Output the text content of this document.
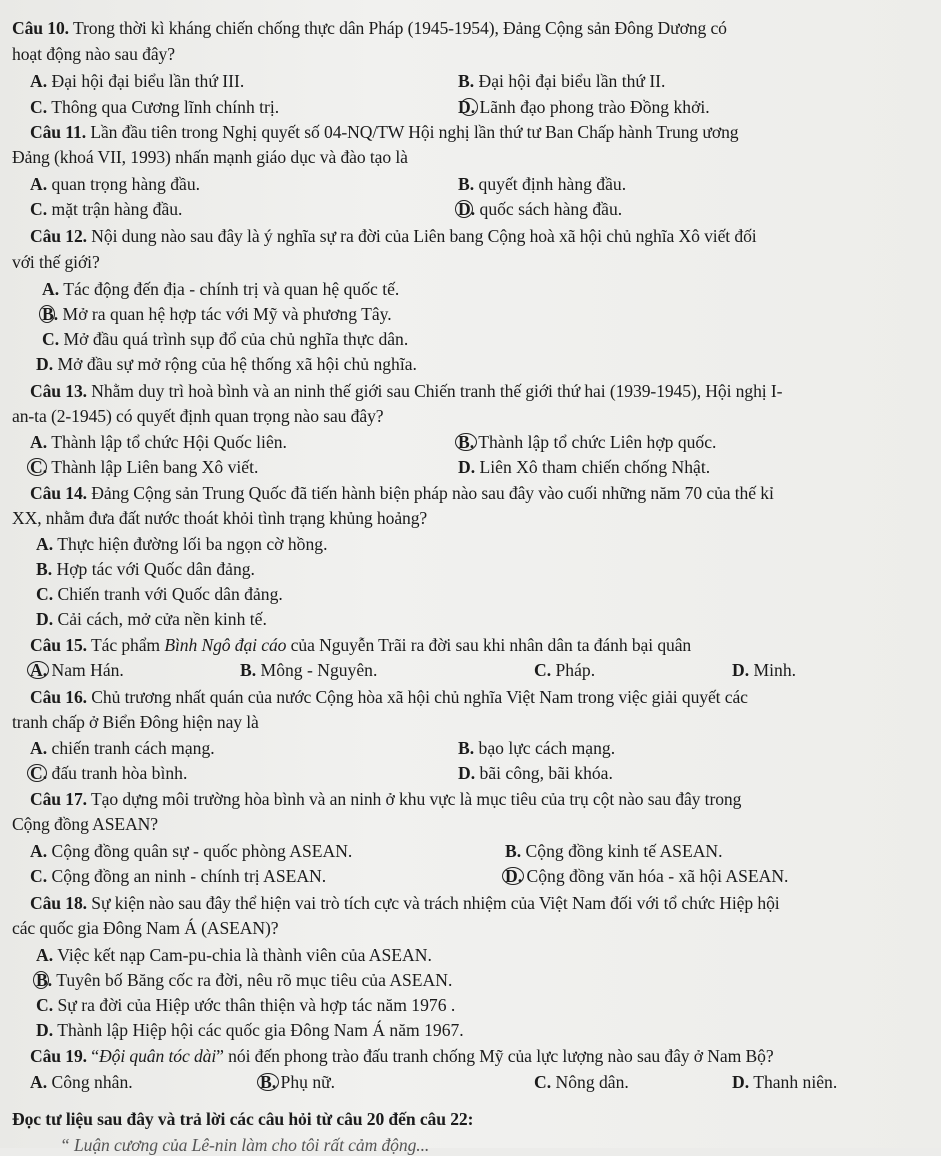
Câu 10. Trong thời kì kháng chiến chống thực dân Pháp (1945-1954), Đảng Cộng sản Đông Dương có
hoạt động nào sau đây?
A. Đại hội đại biểu lần thứ III.	B. Đại hội đại biểu lần thứ II.
C. Thông qua Cương lĩnh chính trị.	D. Lãnh đạo phong trào Đồng khởi.
Câu 11. Lần đầu tiên trong Nghị quyết số 04-NQ/TW Hội nghị lần thứ tư Ban Chấp hành Trung ương
Đảng (khoá VII, 1993) nhấn mạnh giáo dục và đào tạo là
A. quan trọng hàng đầu.	B. quyết định hàng đầu.
C. mặt trận hàng đầu.	D. quốc sách hàng đầu.
Câu 12. Nội dung nào sau đây là ý nghĩa sự ra đời của Liên bang Cộng hoà xã hội chủ nghĩa Xô viết đối
với thế giới?
A. Tác động đến địa - chính trị và quan hệ quốc tế.
B. Mở ra quan hệ hợp tác với Mỹ và phương Tây.
C. Mở đầu quá trình sụp đổ của chủ nghĩa thực dân.
D. Mở đầu sự mở rộng của hệ thống xã hội chủ nghĩa.
Câu 13. Nhằm duy trì hoà bình và an ninh thế giới sau Chiến tranh thế giới thứ hai (1939-1945), Hội nghị I-
an-ta (2-1945) có quyết định quan trọng nào sau đây?
A. Thành lập tổ chức Hội Quốc liên.	B. Thành lập tổ chức Liên hợp quốc.
C. Thành lập Liên bang Xô viết.	D. Liên Xô tham chiến chống Nhật.
Câu 14. Đảng Cộng sản Trung Quốc đã tiến hành biện pháp nào sau đây vào cuối những năm 70 của thế kỉ
XX, nhằm đưa đất nước thoát khỏi tình trạng khủng hoảng?
A. Thực hiện đường lối ba ngọn cờ hồng.
B. Hợp tác với Quốc dân đảng.
C. Chiến tranh với Quốc dân đảng.
D. Cải cách, mở cửa nền kinh tế.
Câu 15. Tác phẩm Bình Ngô đại cáo của Nguyễn Trãi ra đời sau khi nhân dân ta đánh bại quân
A. Nam Hán.	B. Mông - Nguyên.	C. Pháp.	D. Minh.
Câu 16. Chủ trương nhất quán của nước Cộng hòa xã hội chủ nghĩa Việt Nam trong việc giải quyết các
tranh chấp ở Biển Đông hiện nay là
A. chiến tranh cách mạng.	B. bạo lực cách mạng.
C. đấu tranh hòa bình.	D. bãi công, bãi khóa.
Câu 17. Tạo dựng môi trường hòa bình và an ninh ở khu vực là mục tiêu của trụ cột nào sau đây trong
Cộng đồng ASEAN?
A. Cộng đồng quân sự - quốc phòng ASEAN.	B. Cộng đồng kinh tế ASEAN.
C. Cộng đồng an ninh - chính trị ASEAN.	D. Cộng đồng văn hóa - xã hội ASEAN.
Câu 18. Sự kiện nào sau đây thể hiện vai trò tích cực và trách nhiệm của Việt Nam đối với tổ chức Hiệp hội
các quốc gia Đông Nam Á (ASEAN)?
A. Việc kết nạp Cam-pu-chia là thành viên của ASEAN.
B. Tuyên bố Băng cốc ra đời, nêu rõ mục tiêu của ASEAN.
C. Sự ra đời của Hiệp ước thân thiện và hợp tác năm 1976 .
D. Thành lập Hiệp hội các quốc gia Đông Nam Á năm 1967.
Câu 19. “Đội quân tóc dài” nói đến phong trào đấu tranh chống Mỹ của lực lượng nào sau đây ở Nam Bộ?
A. Công nhân.	B. Phụ nữ.	C. Nông dân.	D. Thanh niên.
Đọc tư liệu sau đây và trả lời các câu hỏi từ câu 20 đến câu 22:
“ Luận cương của Lê-nin làm cho tôi rất cảm động...
